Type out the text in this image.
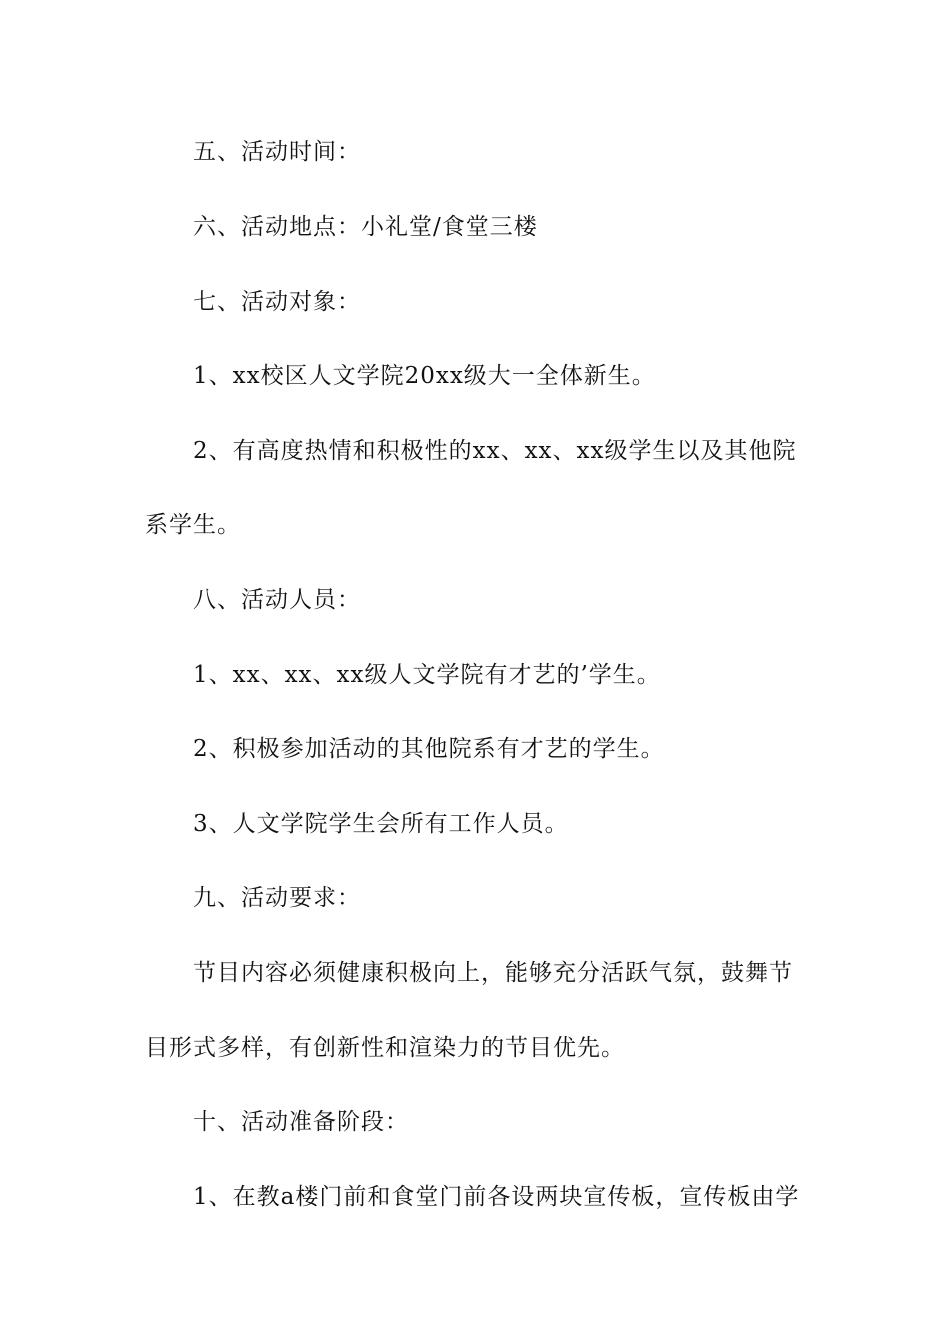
五、活动时间：
六、活动地点：小礼堂/食堂三楼
七、活动对象：
1、xx校区人文学院20xx级大一全体新生。
2、有高度热情和积极性的xx、xx、xx级学生以及其他院
系学生。
八、活动人员：
1、xx、xx、xx级人文学院有才艺的’学生。
2、积极参加活动的其他院系有才艺的学生。
3、人文学院学生会所有工作人员。
九、活动要求：
节目内容必须健康积极向上，能够充分活跃气氛，鼓舞节
目形式多样，有创新性和渲染力的节目优先。
十、活动准备阶段：
1、在教a楼门前和食堂门前各设两块宣传板，宣传板由学
